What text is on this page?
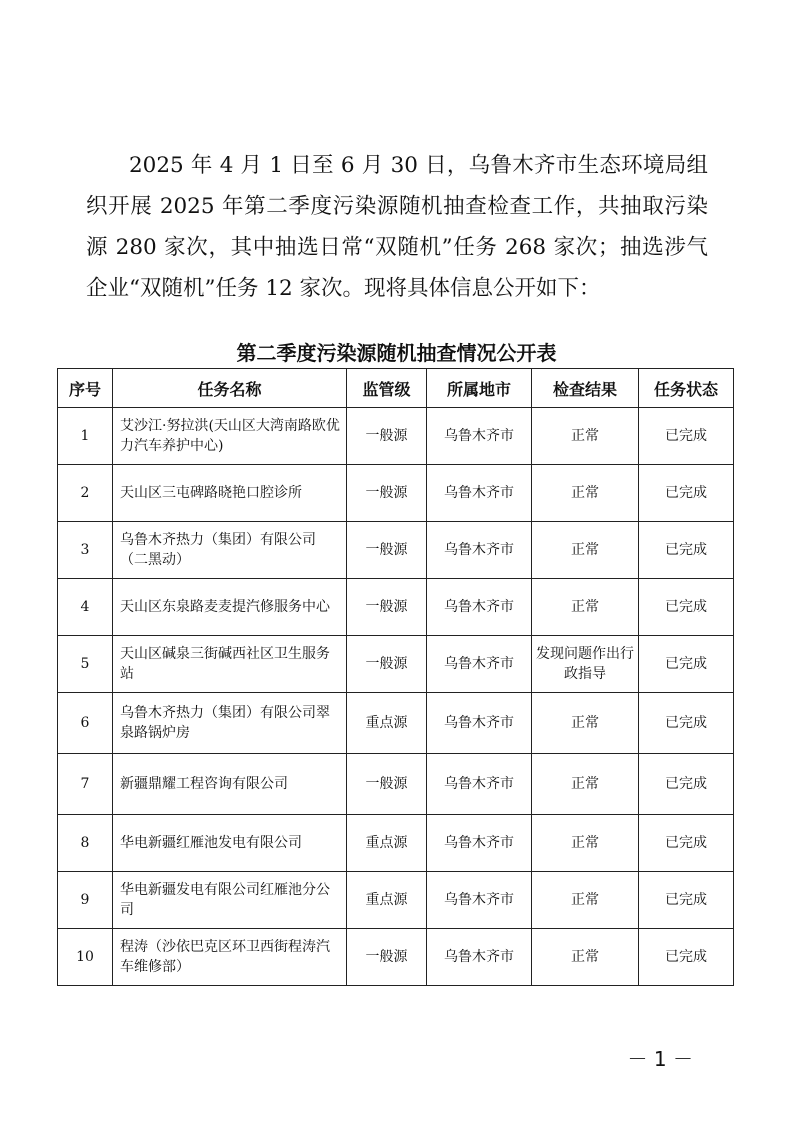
2025 年 4 月 1 日至 6 月 30 日，乌鲁木齐市生态环境局组织开展 2025 年第二季度污染源随机抽查检查工作，共抽取污染源 280 家次，其中抽选日常“双随机”任务 268 家次；抽选涉气企业“双随机”任务 12 家次。现将具体信息公开如下：

第二季度污染源随机抽查情况公开表
序号	任务名称	监管级	所属地市	检查结果	任务状态
1	艾沙江·努拉洪(天山区大湾南路欧优力汽车养护中心)	一般源	乌鲁木齐市	正常	已完成
2	天山区三屯碑路晓艳口腔诊所	一般源	乌鲁木齐市	正常	已完成
3	乌鲁木齐热力（集团）有限公司（二黑动）	一般源	乌鲁木齐市	正常	已完成
4	天山区东泉路麦麦提汽修服务中心	一般源	乌鲁木齐市	正常	已完成
5	天山区碱泉三街碱西社区卫生服务站	一般源	乌鲁木齐市	发现问题作出行政指导	已完成
6	乌鲁木齐热力（集团）有限公司翠泉路锅炉房	重点源	乌鲁木齐市	正常	已完成
7	新疆鼎耀工程咨询有限公司	一般源	乌鲁木齐市	正常	已完成
8	华电新疆红雁池发电有限公司	重点源	乌鲁木齐市	正常	已完成
9	华电新疆发电有限公司红雁池分公司	重点源	乌鲁木齐市	正常	已完成
10	程涛（沙依巴克区环卫西街程涛汽车维修部）	一般源	乌鲁木齐市	正常	已完成
－ 1 －
